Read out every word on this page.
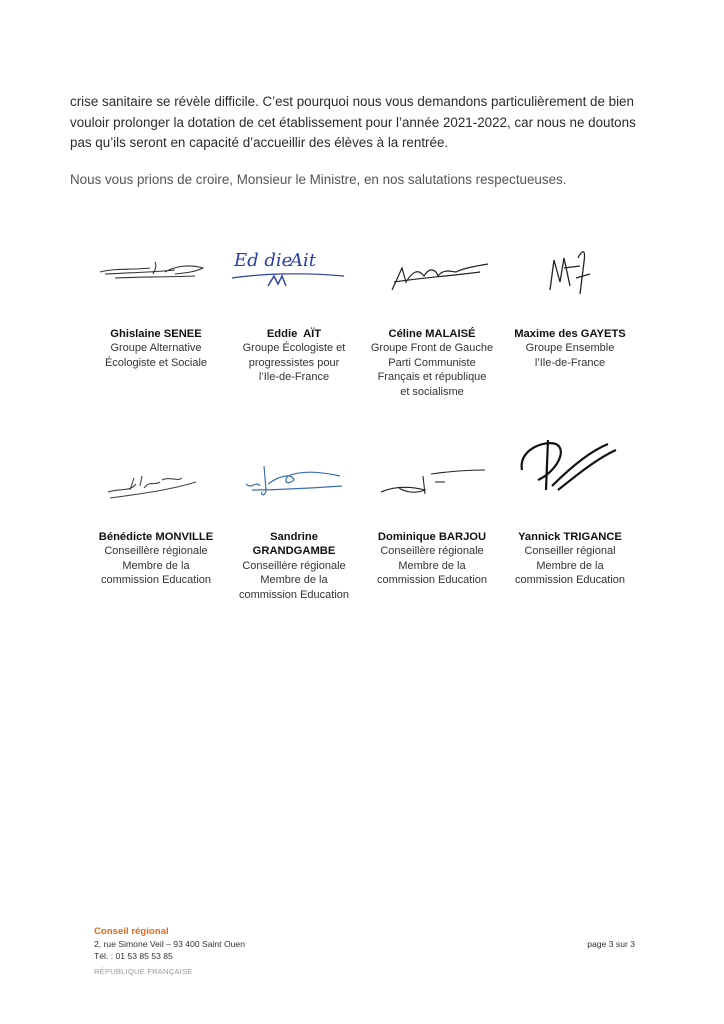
crise sanitaire se révèle difficile. C’est pourquoi nous vous demandons particulièrement de bien vouloir prolonger la dotation de cet établissement pour l’année 2021-2022, car nous ne doutons pas qu’ils seront en capacité d’accueillir des élèves à la rentrée.
Nous vous prions de croire, Monsieur le Ministre, en nos salutations respectueuses.
Ed die
Ait
Ghislaine SENEE
Groupe Alternative
Écologiste et Sociale
Eddie  AÏT
Groupe Écologiste et
progressistes pour
l’Ile-de-France
Céline MALAISÉ
Groupe Front de Gauche
Parti Communiste
Français et république
et socialisme
Maxime des GAYETS
Groupe Ensemble
l’Ile-de-France
Bénédicte MONVILLE
Conseillère régionale
Membre de la
commission Education
Sandrine GRANDGAMBE
Conseillère régionale
Membre de la
commission Education
Dominique BARJOU
Conseillère régionale
Membre de la
commission Education
Yannick TRIGANCE
Conseiller régional
Membre de la
commission Education
Conseil régional
2, rue Simone Veil – 93 400 Saint Ouen
Tél. : 01 53 85 53 85
RÉPUBLIQUE FRANÇAISE
page 3 sur 3
